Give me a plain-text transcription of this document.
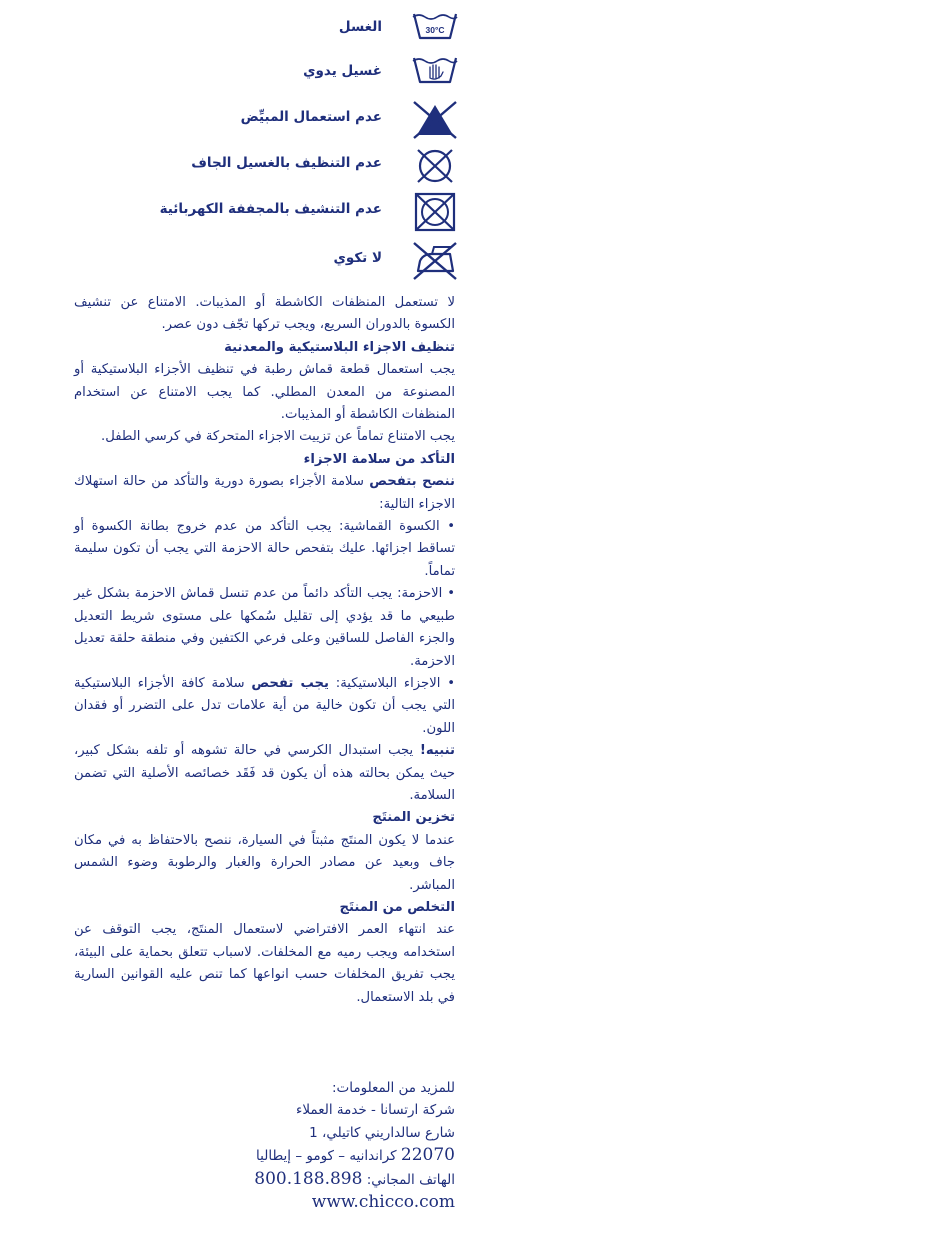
30°C
الغسل
غسيل يدوي
عدم استعمال المبيِّض
عدم التنظيف بالغسيل الجاف
عدم التنشيف بالمجففة الكهربائية
لا تكوي

لا تستعمل المنظفات الكاشطة أو المذيبات. الامتناع عن تنشيف الكسوة بالدوران السريع، ويجب تركها تجّف دون عصر.

تنظيف الاجزاء البلاستيكية والمعدنية

يجب استعمال قطعة قماش رطبة في تنظيف الأجزاء البلاستيكية أو المصنوعة من المعدن المطلي. كما يجب الامتناع عن استخدام المنظفات الكاشطة أو المذيبات.

يجب الامتناع تماماً عن تزييت الاجزاء المتحركة في كرسي الطفل.

التأكد من سلامة الاجزاء

ننصح بتفحص سلامة الأجزاء بصورة دورية والتأكد من حالة استهلاك الاجزاء التالية:

• الكسوة القماشية: يجب التأكد من عدم خروج بطانة الكسوة أو تساقط اجزائها. عليك بتفحص حالة الاحزمة التي يجب أن تكون سليمة تماماً.

• الاحزمة: يجب التأكد دائماً من عدم تنسل قماش الاحزمة بشكل غير طبيعي ما قد يؤدي إلى تقليل سُمكها على مستوى شريط التعديل والجزء الفاصل للساقين وعلى فرعي الكتفين وفي منطقة حلقة تعديل الاحزمة.

• الاجزاء البلاستيكية: يجب تفحص سلامة كافة الأجزاء البلاستيكية التي يجب أن تكون خالية من أية علامات تدل على التضرر أو فقدان اللون.

تنبيه! يجب استبدال الكرسي في حالة تشوهه أو تلفه بشكل كبير، حيث يمكن بحالته هذه أن يكون قد فَقَد خصائصه الأصلية التي تضمن السلامة.

تخزين المنتَج

عندما لا يكون المنتَج مثبتاً في السيارة، ننصح بالاحتفاظ به في مكان جاف وبعيد عن مصادر الحرارة والغبار والرطوبة وضوء الشمس المباشر.

التخلص من المنتَج

عند انتهاء العمر الافتراضي لاستعمال المنتَج، يجب التوقف عن استخدامه ويجب رميه مع المخلفات. لاسباب تتعلق بحماية على البيئة، يجب تفريق المخلفات حسب انواعها كما تنص عليه القوانين السارية في بلد الاستعمال.

للمزيد من المعلومات:

شركة ارتسانا - خدمة العملاء

شارع سالداريني كاتيلي، 1

22070 كراندانيه – كومو – إيطاليا

الهاتف المجاني: 800.188.898

www.chicco.com
